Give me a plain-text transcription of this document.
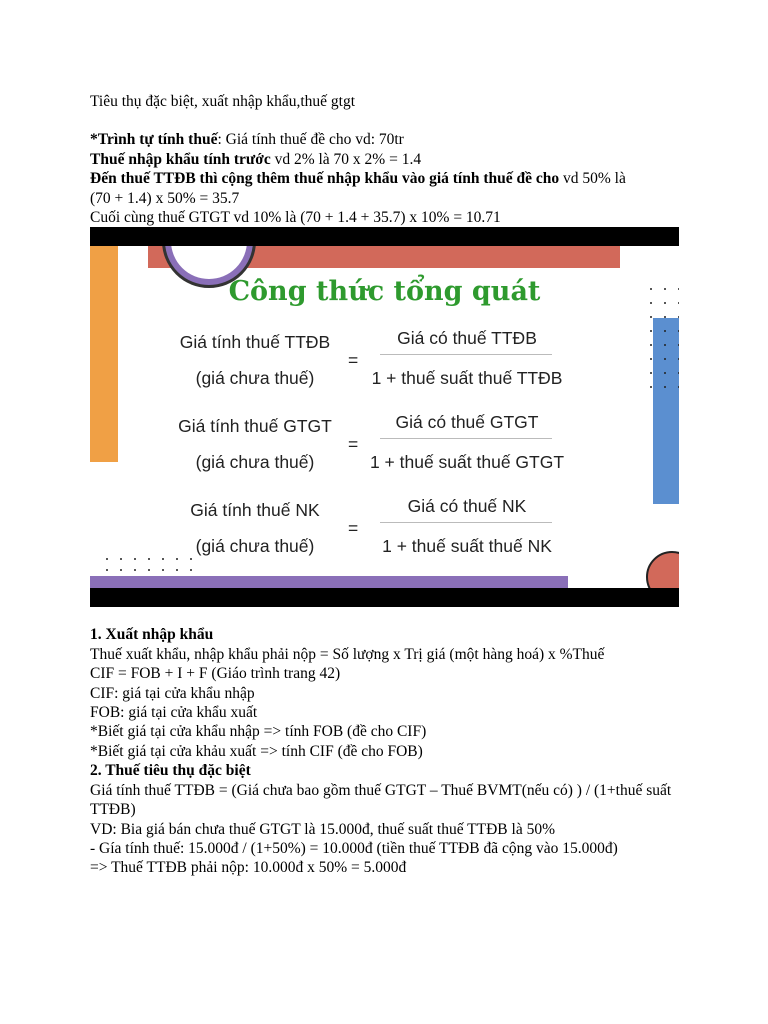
Tiêu thụ đặc biệt, xuất nhập khẩu,thuế gtgt

*Trình tự tính thuế: Giá tính thuế đề cho vd: 70tr

Thuế nhập khẩu tính trước vd 2% là 70 x 2% = 1.4

Đến thuế TTĐB thì cộng thêm thuế nhập khẩu vào giá tính thuế đề cho vd 50% là

(70 + 1.4) x 50% = 35.7

Cuối cùng thuế GTGT vd 10% là (70 + 1.4 + 35.7) x 10% = 10.71

Công thức tổng quát
Giá tính thuế TTĐB
(giá chưa thuế)
=
Giá có thuế TTĐB
1 + thuế suất thuế TTĐB
Giá tính thuế GTGT
(giá chưa thuế)
=
Giá có thuế GTGT
1 + thuế suất thuế GTGT
Giá tính thuế NK
(giá chưa thuế)
=
Giá có thuế NK
1 + thuế suất thuế NK

1. Xuất nhập khẩu

Thuế xuất khẩu, nhập khẩu phải nộp = Số lượng x Trị giá (một hàng hoá) x %Thuế

CIF = FOB + I + F (Giáo trình trang 42)

CIF: giá tại cửa khẩu nhập

FOB: giá tại cửa khẩu xuất

*Biết giá tại cửa khẩu nhập => tính FOB (đề cho CIF)

*Biết giá tại cửa khảu xuất => tính CIF (đề cho FOB)

2. Thuế tiêu thụ đặc biệt

Giá tính thuế TTĐB = (Giá chưa bao gồm thuế GTGT – Thuế BVMT(nếu có) ) / (1+thuế suất TTĐB)

VD: Bia giá bán chưa thuế GTGT là 15.000đ, thuế suất thuế TTĐB là 50%

- Gía tính thuế: 15.000đ / (1+50%) = 10.000đ (tiền thuế TTĐB đã cộng vào 15.000đ)

=> Thuế TTĐB phải nộp: 10.000đ x 50% = 5.000đ
